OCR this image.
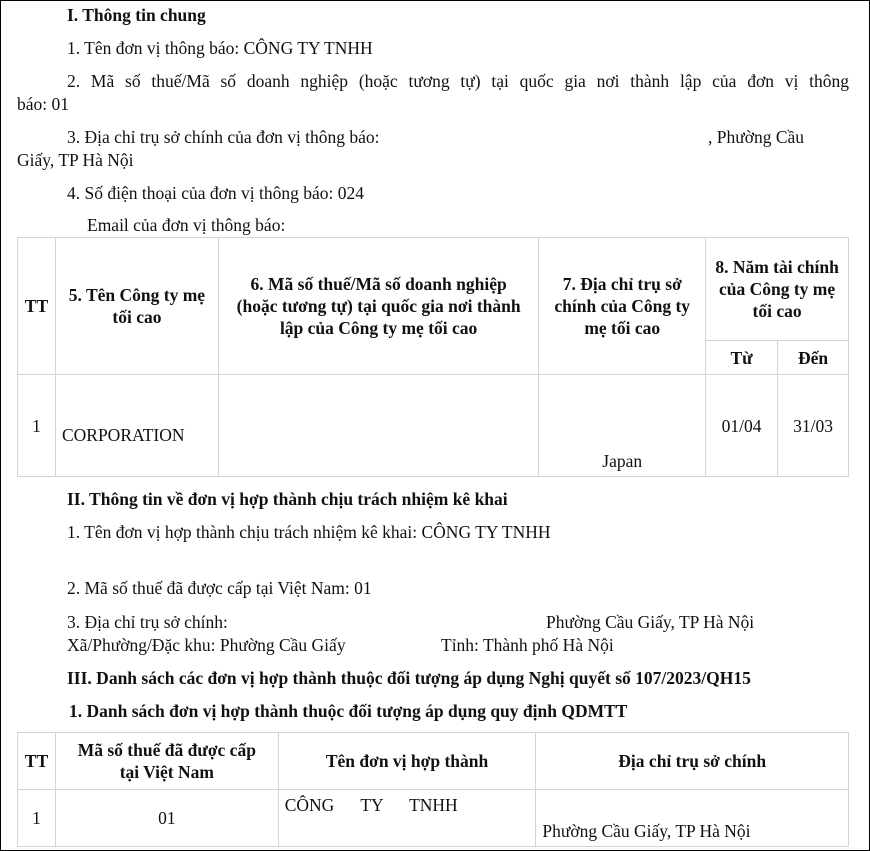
I. Thông tin chung
1. Tên đơn vị thông báo: CÔNG TY TNHH
2. Mã số thuế/Mã số doanh nghiệp (hoặc tương tự) tại quốc gia nơi thành lập của đơn vị thông
báo: 01
3. Địa chỉ trụ sở chính của đơn vị thông báo:	, Phường Cầu
Giấy, TP Hà Nội
4. Số điện thoại của đơn vị thông báo: 024
Email của đơn vị thông báo:
TT	5. Tên Công ty mẹ tối cao	6. Mã số thuế/Mã số doanh nghiệp (hoặc tương tự) tại quốc gia nơi thành lập của Công ty mẹ tối cao	7. Địa chỉ trụ sở chính của Công ty mẹ tối cao	8. Năm tài chính của Công ty mẹ tối cao	
				Từ	Đến
1	CORPORATION		Japan	01/04	31/03
II. Thông tin về đơn vị hợp thành chịu trách nhiệm kê khai
1. Tên đơn vị hợp thành chịu trách nhiệm kê khai: CÔNG TY TNHH
2. Mã số thuế đã được cấp tại Việt Nam: 01
3. Địa chỉ trụ sở chính:	Phường Cầu Giấy, TP Hà Nội
Xã/Phường/Đặc khu: Phường Cầu Giấy	Tỉnh: Thành phố Hà Nội
III. Danh sách các đơn vị hợp thành thuộc đối tượng áp dụng Nghị quyết số 107/2023/QH15
1. Danh sách đơn vị hợp thành thuộc đối tượng áp dụng quy định QDMTT
TT	Mã số thuế đã được cấp tại Việt Nam	Tên đơn vị hợp thành	Địa chỉ trụ sở chính
1	01	CÔNG TY TNHH	Phường Cầu Giấy, TP Hà Nội
